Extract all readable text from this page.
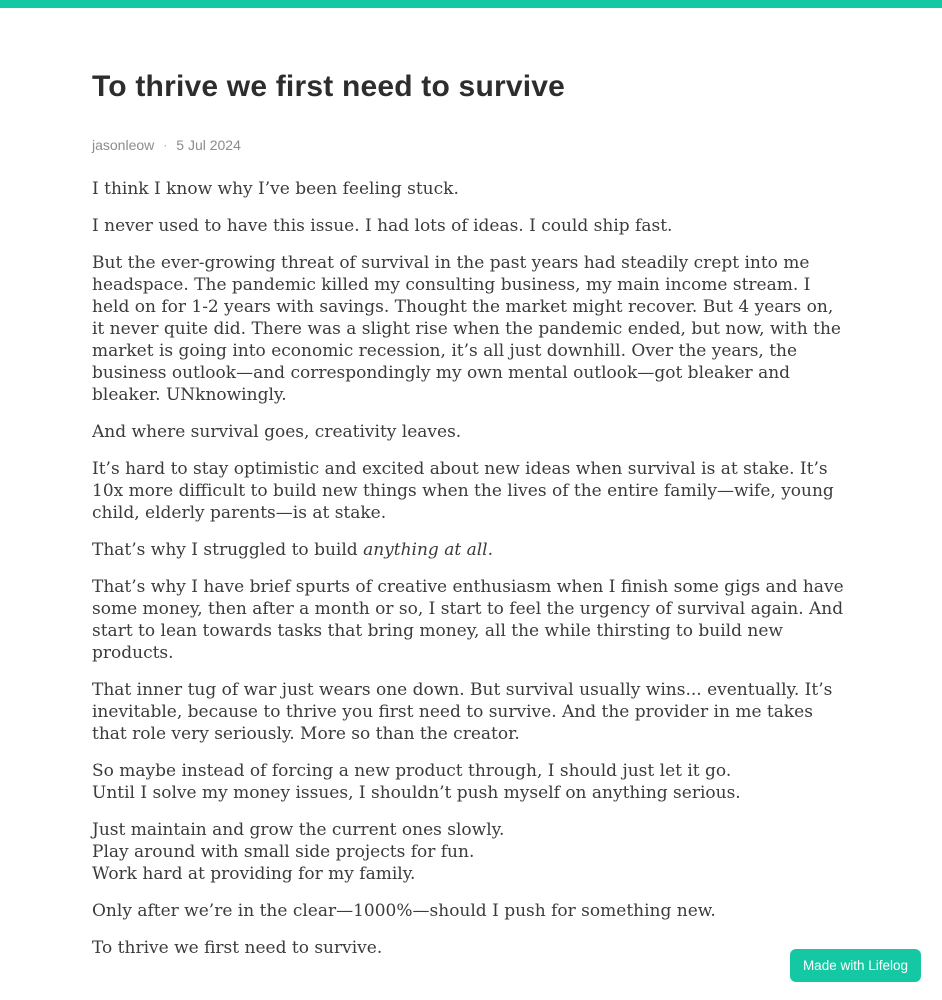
To thrive we first need to survive
jasonleow · 5 Jul 2024

I think I know why I’ve been feeling stuck.

I never used to have this issue. I had lots of ideas. I could ship fast.

But the ever-growing threat of survival in the past years had steadily crept into me headspace. The pandemic killed my consulting business, my main income stream. I held on for 1-2 years with savings. Thought the market might recover. But 4 years on, it never quite did. There was a slight rise when the pandemic ended, but now, with the market is going into economic recession, it’s all just downhill. Over the years, the business outlook—and correspondingly my own mental outlook—got bleaker and bleaker. UNknowingly.

And where survival goes, creativity leaves.

It’s hard to stay optimistic and excited about new ideas when survival is at stake. It’s 10x more difficult to build new things when the lives of the entire family—wife, young child, elderly parents—is at stake.

That’s why I struggled to build anything at all.

That’s why I have brief spurts of creative enthusiasm when I finish some gigs and have some money, then after a month or so, I start to feel the urgency of survival again. And start to lean towards tasks that bring money, all the while thirsting to build new products.

That inner tug of war just wears one down. But survival usually wins... eventually. It’s inevitable, because to thrive you first need to survive. And the provider in me takes that role very seriously. More so than the creator.

So maybe instead of forcing a new product through, I should just let it go.
Until I solve my money issues, I shouldn’t push myself on anything serious.

Just maintain and grow the current ones slowly.
Play around with small side projects for fun.
Work hard at providing for my family.

Only after we’re in the clear—1000%—should I push for something new.

To thrive we first need to survive.

Made with Lifelog
